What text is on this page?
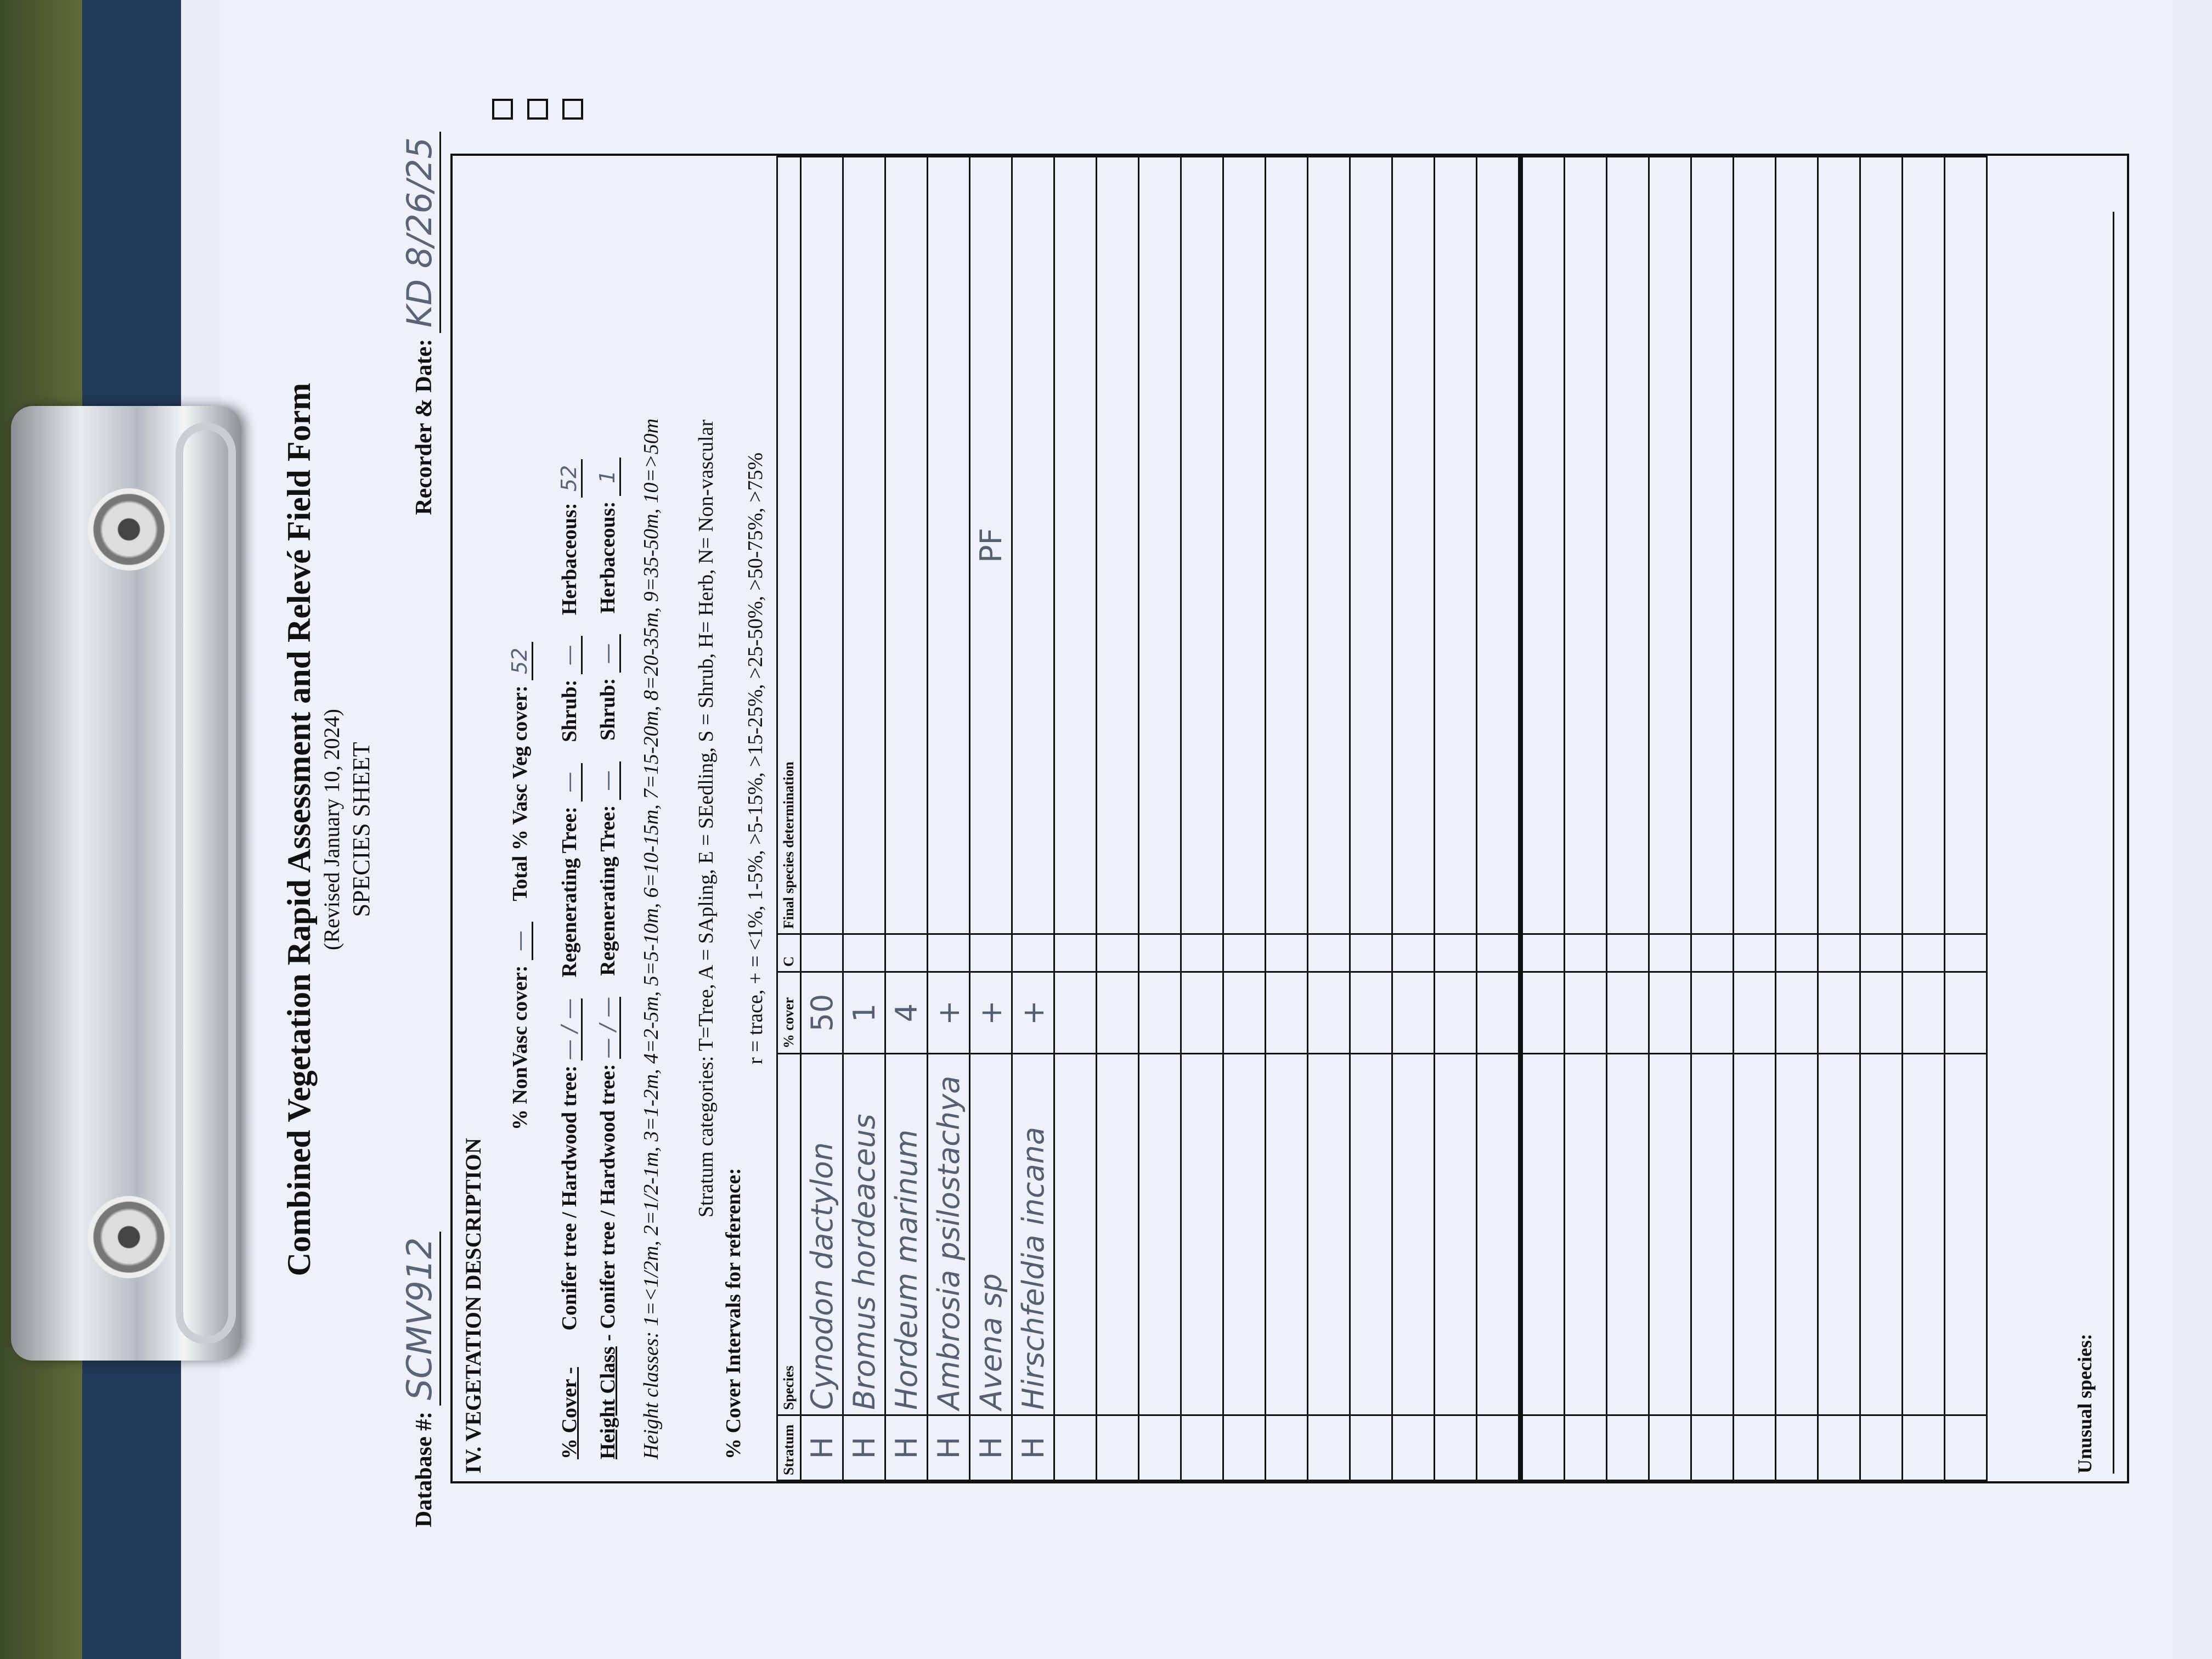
Combined Vegetation Rapid Assessment and Relevé Field Form (Revised January 10, 2024) SPECIES SHEET
Database #: SCMV912
Recorder & Date: KD 8/26/25
IV. VEGETATION DESCRIPTION
% NonVasc cover: —    Total % Vasc Veg cover: 52
% Cover -       Conifer tree / Hardwood tree: — / —    Regenerating Tree: —    Shrub: —    Herbaceous: 52
Height Class - Conifer tree / Hardwood tree: — / —    Regenerating Tree: —    Shrub: —    Herbaceous: 1 Height classes: 1=<1/2m, 2=1/2-1m, 3=1-2m, 4=2-5m, 5=5-10m, 6=10-15m, 7=15-20m, 8=20-35m, 9=35-50m, 10=>50m Stratum categories: T=Tree, A = SApling, E = SEedling, S = Shrub, H= Herb, N= Non-vascular
% Cover Intervals for reference:
r = trace, + = <1%, 1-5%, >5-15%, >15-25%, >25-50%, >50-75%, >75%
Stratum	Species	% cover	C	Final species determination
H	Cynodon dactylon	50		
H	Bromus hordeaceus	1		
H	Hordeum marinum	4		
H	Ambrosia psilostachya	+		
H	Avena sp	+		PF
H	Hirschfeldia incana	+		

Unusual species:
